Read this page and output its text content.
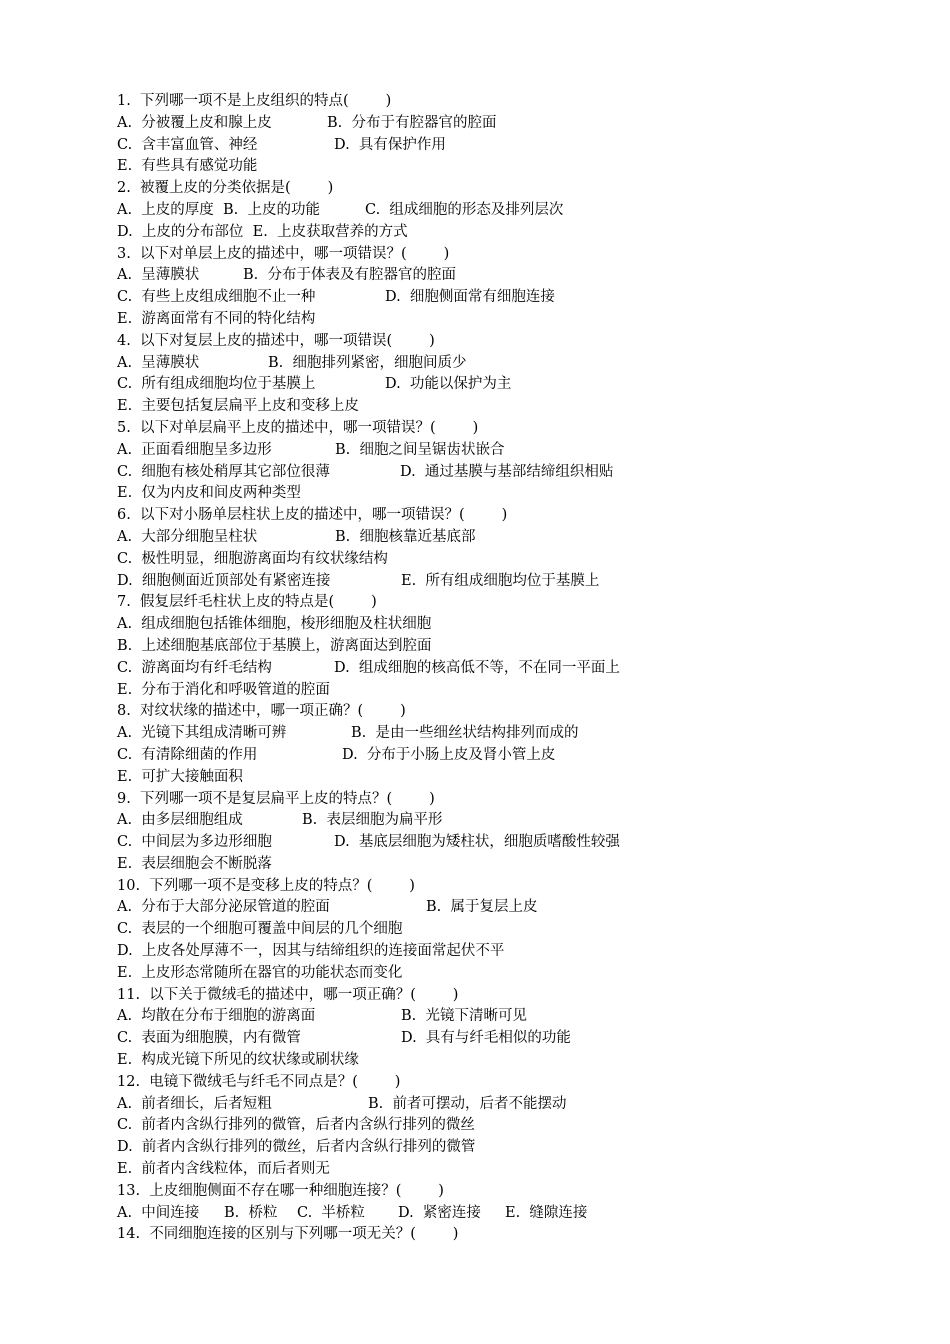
1.  下列哪一项不是上皮组织的特点(        )
A.  分被覆上皮和腺上皮	B.  分布于有腔器官的腔面
C.  含丰富血管、神经	D.  具有保护作用
E.  有些具有感觉功能
2.  被覆上皮的分类依据是(        )
A.  上皮的厚度  B.  上皮的功能	C.  组成细胞的形态及排列层次
D.  上皮的分布部位  E.  上皮获取营养的方式
3.  以下对单层上皮的描述中，哪一项错误？(        )
A.  呈薄膜状	B.  分布于体表及有腔器官的腔面
C.  有些上皮组成细胞不止一种	D.  细胞侧面常有细胞连接
E.  游离面常有不同的特化结构
4.  以下对复层上皮的描述中，哪一项错误(        )
A.  呈薄膜状	B.  细胞排列紧密，细胞间质少
C.  所有组成细胞均位于基膜上	D.  功能以保护为主
E.  主要包括复层扁平上皮和变移上皮
5.  以下对单层扁平上皮的描述中，哪一项错误？(        )
A.  正面看细胞呈多边形	B.  细胞之间呈锯齿状嵌合
C.  细胞有核处稍厚其它部位很薄	D.  通过基膜与基部结缔组织相贴
E.  仅为内皮和间皮两种类型
6.  以下对小肠单层柱状上皮的描述中，哪一项错误？(        )
A.  大部分细胞呈柱状	B.  细胞核靠近基底部
C.  极性明显，细胞游离面均有纹状缘结构
D.  细胞侧面近顶部处有紧密连接	E.  所有组成细胞均位于基膜上
7.  假复层纤毛柱状上皮的特点是(        )
A.  组成细胞包括锥体细胞，梭形细胞及柱状细胞
B.  上述细胞基底部位于基膜上，游离面达到腔面
C.  游离面均有纤毛结构	D.  组成细胞的核高低不等，不在同一平面上
E.  分布于消化和呼吸管道的腔面
8.  对纹状缘的描述中，哪一项正确？(        )
A.  光镜下其组成清晰可辨	B.  是由一些细丝状结构排列而成的
C.  有清除细菌的作用	D.  分布于小肠上皮及肾小管上皮
E.  可扩大接触面积
9.  下列哪一项不是复层扁平上皮的特点？(        )
A.  由多层细胞组成	B.  表层细胞为扁平形
C.  中间层为多边形细胞	D.  基底层细胞为矮柱状，细胞质嗜酸性较强
E.  表层细胞会不断脱落
10.  下列哪一项不是变移上皮的特点？(        )
A.  分布于大部分泌尿管道的腔面	B.  属于复层上皮
C.  表层的一个细胞可覆盖中间层的几个细胞
D.  上皮各处厚薄不一，因其与结缔组织的连接面常起伏不平
E.  上皮形态常随所在器官的功能状态而变化
11.  以下关于微绒毛的描述中，哪一项正确？(        )
A.  均散在分布于细胞的游离面	B.  光镜下清晰可见
C.  表面为细胞膜，内有微管	D.  具有与纤毛相似的功能
E.  构成光镜下所见的纹状缘或刷状缘
12.  电镜下微绒毛与纤毛不同点是？(        )
A.  前者细长，后者短粗	B.  前者可摆动，后者不能摆动
C.  前者内含纵行排列的微管，后者内含纵行排列的微丝
D.  前者内含纵行排列的微丝，后者内含纵行排列的微管
E.  前者内含线粒体，而后者则无
13.  上皮细胞侧面不存在哪一种细胞连接？(        )
A.  中间连接 B.  桥粒 C.  半桥粒 D.  紧密连接 E.  缝隙连接
14.  不同细胞连接的区别与下列哪一项无关？(        )
